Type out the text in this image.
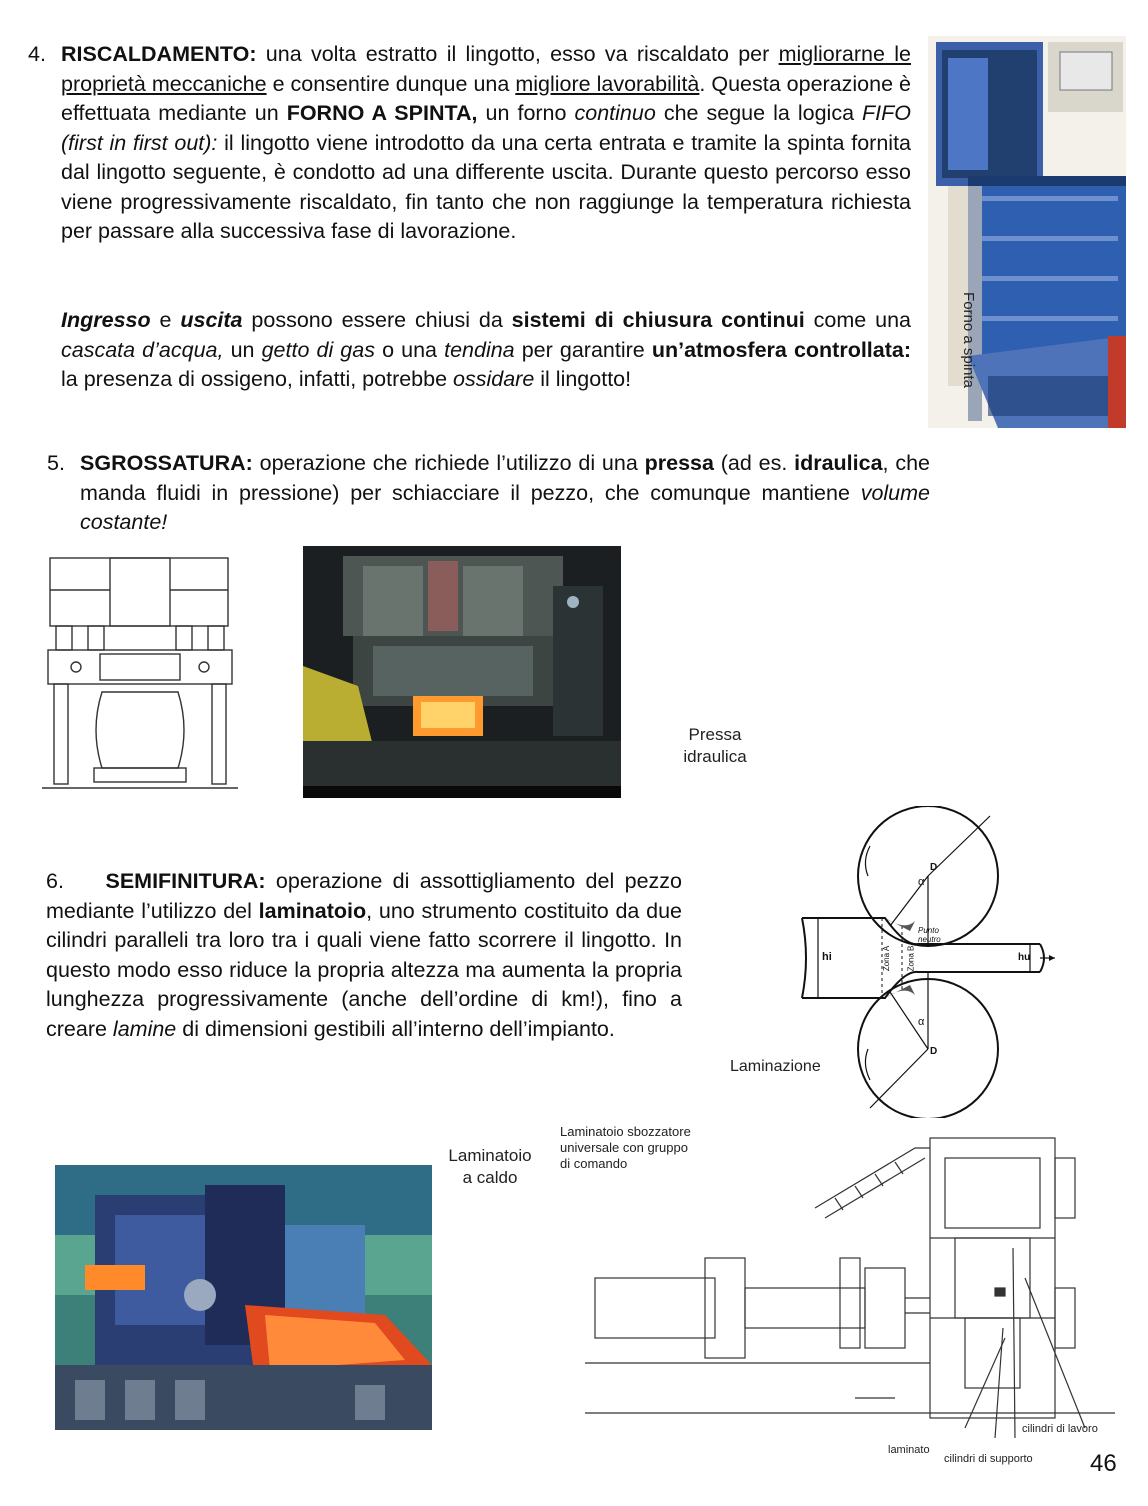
4. RISCALDAMENTO: una volta estratto il lingotto, esso va riscaldato per migliorarne le proprietà meccaniche e consentire dunque una migliore lavorabilità. Questa operazione è effettuata mediante un FORNO A SPINTA, un forno continuo che segue la logica FIFO (first in first out): il lingotto viene introdotto da una certa entrata e tramite la spinta fornita dal lingotto seguente, è condotto ad una differente uscita. Durante questo percorso esso viene progressivamente riscaldato, fin tanto che non raggiunge la temperatura richiesta per passare alla successiva fase di lavorazione.
Ingresso e uscita possono essere chiusi da sistemi di chiusura continui come una cascata d’acqua, un getto di gas o una tendina per garantire un’atmosfera controllata: la presenza di ossigeno, infatti, potrebbe ossidare il lingotto!	Forno a spinta
5. SGROSSATURA: operazione che richiede l’utilizzo di una pressa (ad es. idraulica, che manda fluidi in pressione) per schiacciare il pezzo, che comunque mantiene volume costante!
Pressa
idraulica
6. SEMIFINITURA: operazione di assottigliamento del pezzo mediante l’utilizzo del laminatoio, uno strumento costituito da due cilindri paralleli tra loro tra i quali viene fatto scorrere il lingotto. In questo modo esso riduce la propria altezza ma aumenta la propria lunghezza progressivamente (anche dell’ordine di km!), fino a creare lamine di dimensioni gestibili all’interno dell’impianto.
D
D
α
α
hi	hu
Zona A Zona B
Punto neutro
Laminazione
Laminatoio
a caldo
Laminatoio sbozzatore
universale con gruppo
di comando
laminato
cilindri di supporto
cilindri di lavoro
46
